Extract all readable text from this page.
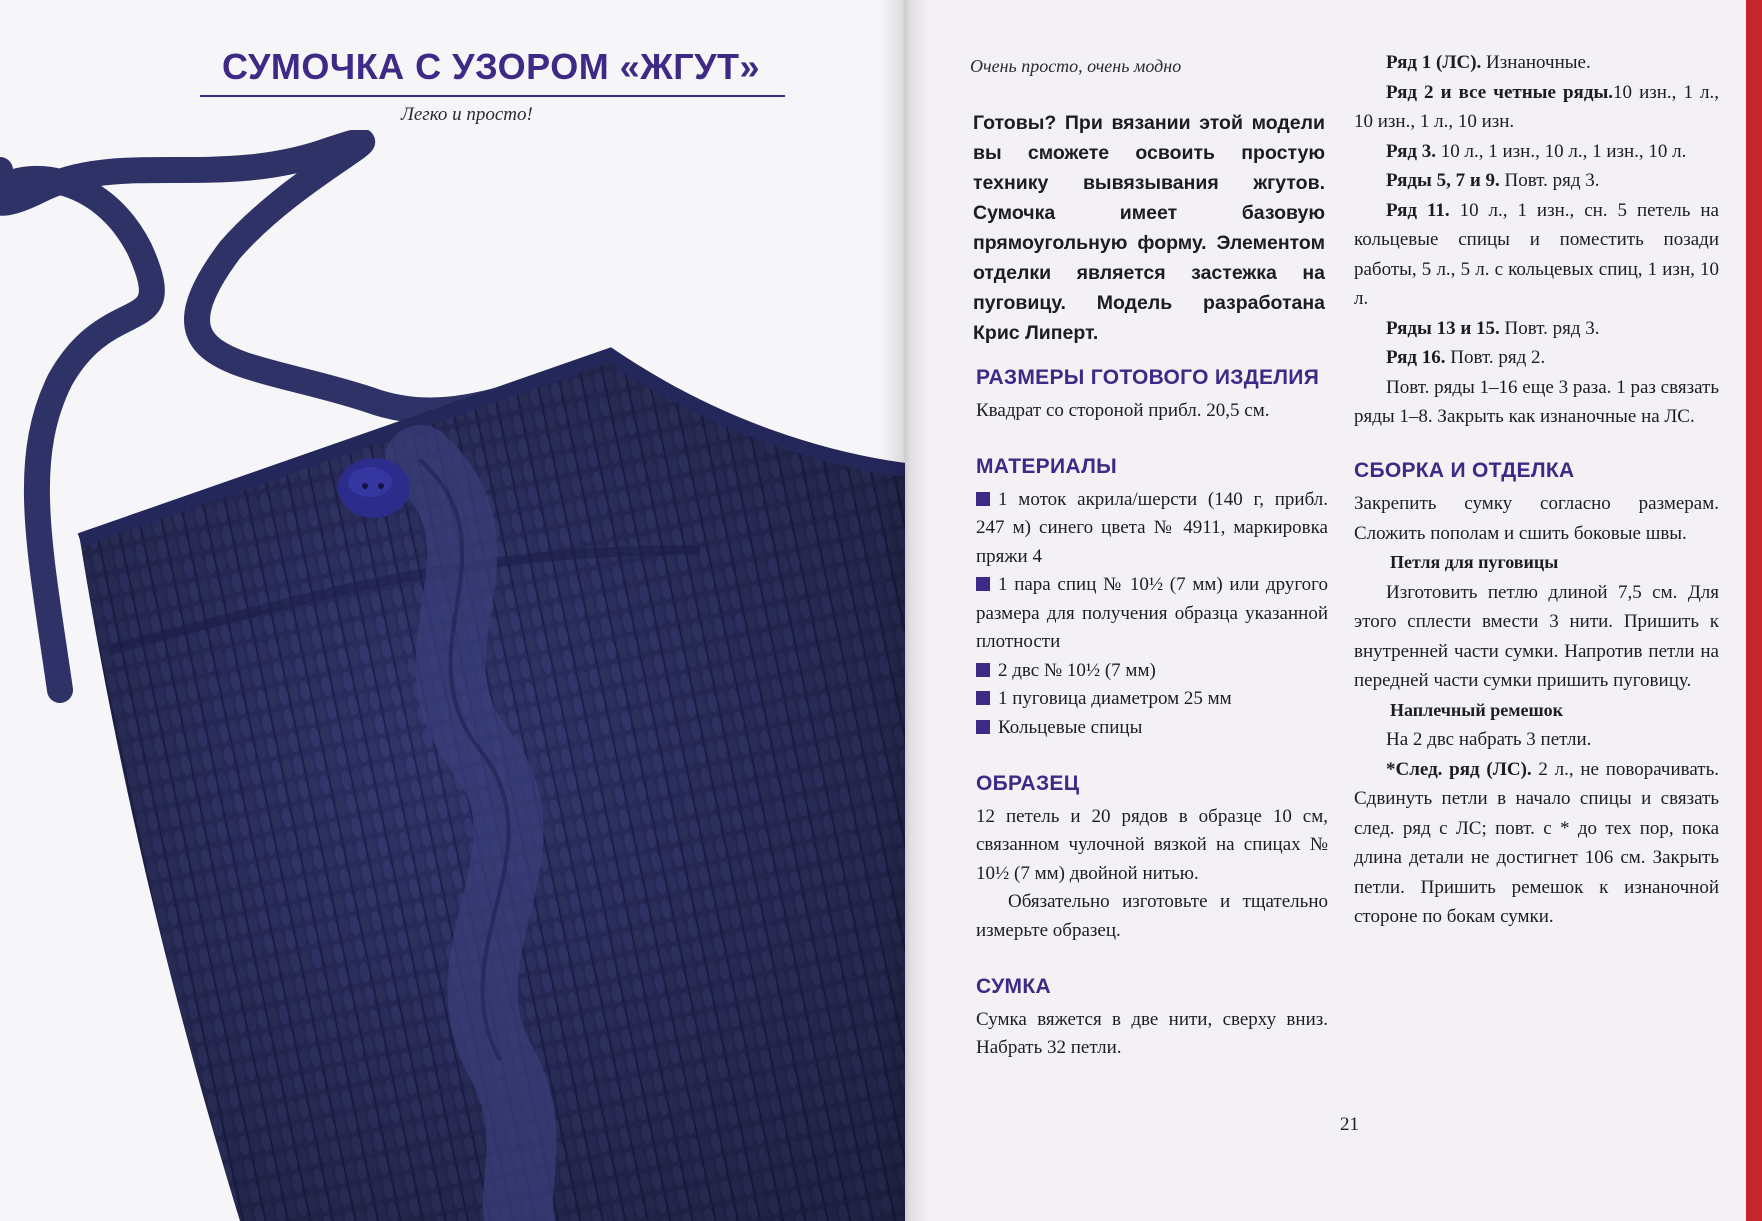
СУМОЧКА С УЗОРОМ «ЖГУТ»
Легко и просто!
Очень просто, очень модно
Готовы? При вязании этой модели вы сможете освоить простую технику вывязывания жгутов. Сумочка имеет базовую прямоугольную форму. Элементом отделки является застежка на пуговицу. Модель разработана Крис Липерт.
РАЗМЕРЫ ГОТОВОГО ИЗДЕЛИЯ

Квадрат со стороной прибл. 20,5 см.

МАТЕРИАЛЫ

1 моток акрила/шерсти (140 г, прибл. 247 м) синего цвета № 4911, маркировка пряжи 4

1 пара спиц № 10½ (7 мм) или другого размера для получения образца указанной плотности

2 двс № 10½ (7 мм)

1 пуговица диаметром 25 мм

Кольцевые спицы

ОБРАЗЕЦ

12 петель и 20 рядов в образце 10 см, связанном чулочной вязкой на спицах № 10½ (7 мм) двойной нитью.

Обязательно изготовьте и тщательно измерьте образец.

СУМКА

Сумка вяжется в две нити, сверху вниз. Набрать 32 петли.

Ряд 1 (ЛС). Изнаночные.

Ряд 2 и все четные ряды.10 изн., 1 л., 10 изн., 1 л., 10 изн.

Ряд 3. 10 л., 1 изн., 10 л., 1 изн., 10 л.

Ряды 5, 7 и 9. Повт. ряд 3.

Ряд 11. 10 л., 1 изн., сн. 5 петель на кольцевые спицы и поместить позади работы, 5 л., 5 л. с кольцевых спиц, 1 изн, 10 л.

Ряды 13 и 15. Повт. ряд 3.

Ряд 16. Повт. ряд 2.

Повт. ряды 1–16 еще 3 раза. 1 раз связать ряды 1–8. Закрыть как изнаночные на ЛС.

СБОРКА И ОТДЕЛКА

Закрепить сумку согласно размерам. Сложить пополам и сшить боковые швы.

Петля для пуговицы

Изготовить петлю длиной 7,5 см. Для этого сплести вмести 3 нити. Пришить к внутренней части сумки. Напротив петли на передней части сумки пришить пуговицу.

Наплечный ремешок

На 2 двс набрать 3 петли.

*След. ряд (ЛС). 2 л., не поворачивать. Сдвинуть петли в начало спицы и связать след. ряд с ЛС; повт. с * до тех пор, пока длина детали не достигнет 106 см. Закрыть петли. Пришить ремешок к изнаночной стороне по бокам сумки.

21
